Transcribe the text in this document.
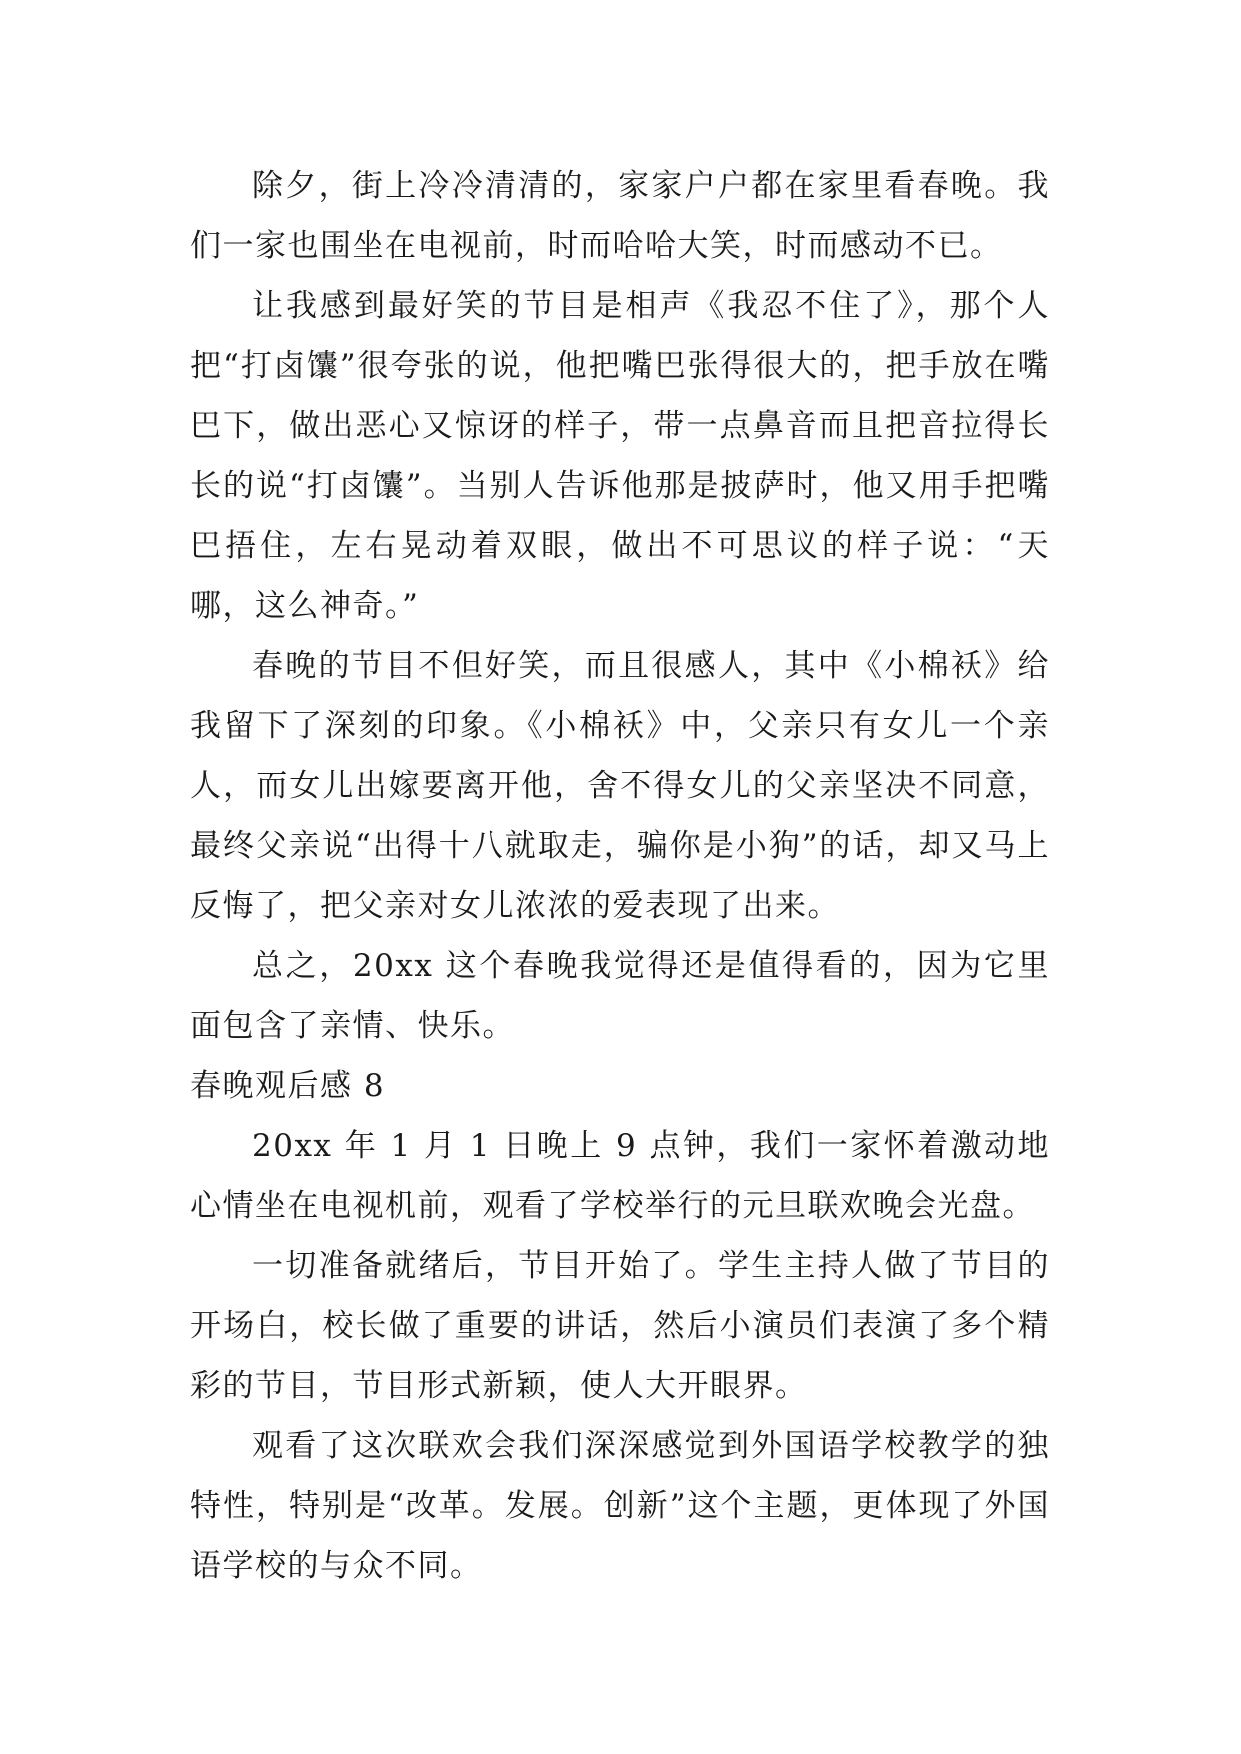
除夕，街上冷冷清清的，家家户户都在家里看春晚。我们一家也围坐在电视前，时而哈哈大笑，时而感动不已。

让我感到最好笑的节目是相声《我忍不住了》，那个人把“打卤馕”很夸张的说，他把嘴巴张得很大的，把手放在嘴巴下，做出恶心又惊讶的样子，带一点鼻音而且把音拉得长长的说“打卤馕”。当别人告诉他那是披萨时，他又用手把嘴巴捂住，左右晃动着双眼，做出不可思议的样子说：“天哪，这么神奇。”

春晚的节目不但好笑，而且很感人，其中《小棉袄》给我留下了深刻的印象。《小棉袄》中，父亲只有女儿一个亲人，而女儿出嫁要离开他，舍不得女儿的父亲坚决不同意，最终父亲说“出得十八就取走，骗你是小狗”的话，却又马上反悔了，把父亲对女儿浓浓的爱表现了出来。

总之，20xx 这个春晚我觉得还是值得看的，因为它里面包含了亲情、快乐。

春晚观后感 8

20xx 年 1 月 1 日晚上 9 点钟，我们一家怀着激动地心情坐在电视机前，观看了学校举行的元旦联欢晚会光盘。

一切准备就绪后，节目开始了。学生主持人做了节目的开场白，校长做了重要的讲话，然后小演员们表演了多个精彩的节目，节目形式新颖，使人大开眼界。

观看了这次联欢会我们深深感觉到外国语学校教学的独特性，特别是“改革。发展。创新”这个主题，更体现了外国语学校的与众不同。
